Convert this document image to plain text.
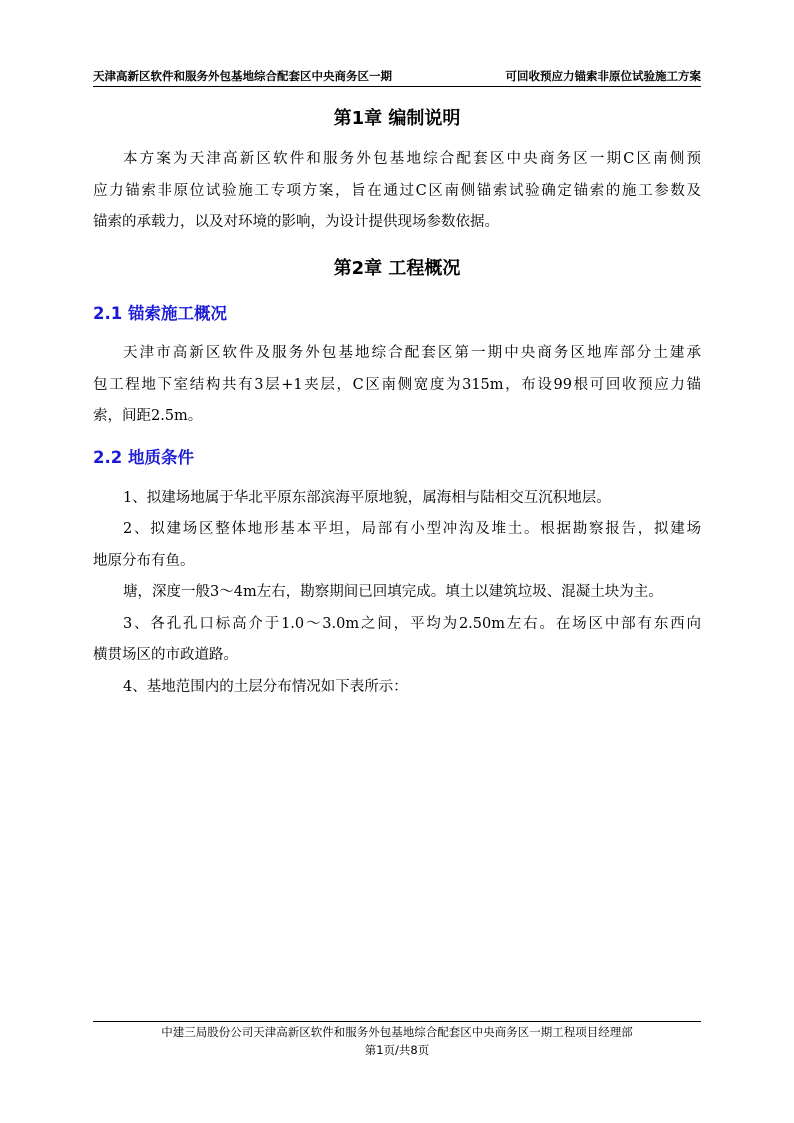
天津高新区软件和服务外包基地综合配套区中央商务区一期	可回收预应力锚索非原位试验施工方案
第1章 编制说明
本方案为天津高新区软件和服务外包基地综合配套区中央商务区一期C区南侧预
应力锚索非原位试验施工专项方案，旨在通过C区南侧锚索试验确定锚索的施工参数及
锚索的承载力，以及对环境的影响，为设计提供现场参数依据。
第2章 工程概况
2.1 锚索施工概况
天津市高新区软件及服务外包基地综合配套区第一期中央商务区地库部分土建承
包工程地下室结构共有3层+1夹层，C区南侧宽度为315m，布设99根可回收预应力锚
索，间距2.5m。
2.2 地质条件
1、拟建场地属于华北平原东部滨海平原地貌，属海相与陆相交互沉积地层。
2、拟建场区整体地形基本平坦，局部有小型冲沟及堆土。根据勘察报告，拟建场
地原分布有鱼。
塘，深度一般3～4m左右，勘察期间已回填完成。填土以建筑垃圾、混凝土块为主。
3、各孔孔口标高介于1.0～3.0m之间，平均为2.50m左右。在场区中部有东西向
横贯场区的市政道路。
4、基地范围内的土层分布情况如下表所示：
中建三局股份公司天津高新区软件和服务外包基地综合配套区中央商务区一期工程项目经理部
第1页/共8页
